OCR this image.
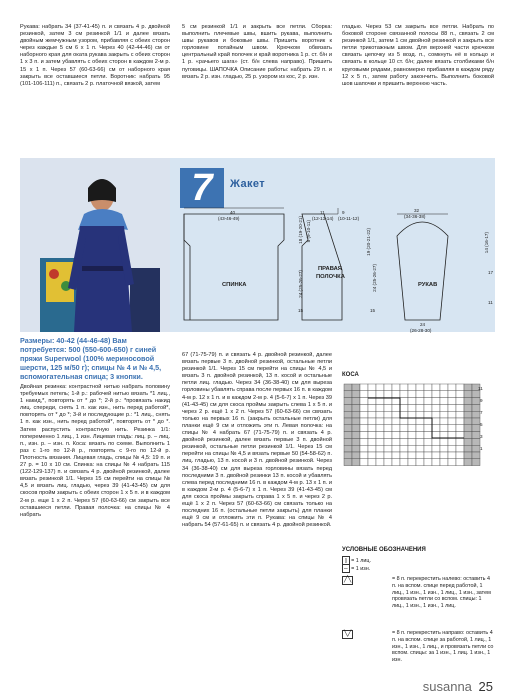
Рукава: набрать 34 (37-41-45) п. и связать 4 р. двойной резинкой, затем 3 см резинкой 1/1 и далее вязать двойным жемчужным узором, прибавляя с обеих сторон через каждые 5 см 6 x 1 п. Через 40 (42-44-46) см от наборного края для оката рукава закрыть с обеих сторон 1 x 3 п. и затем убавлять с обеих сторон в каждом 2-м р. 15 x 1 п. Через 57 (60-63-66) см от наборного края закрыть все оставшиеся петли. Воротник: набрать 95 (101-106-111) п., связать 2 р. платочной вязкой, затем
5 см резинкой 1/1 и закрыть все петли. Сборка: выполнить плечевые швы, вшить рукава, выполнить швы рукавов и боковые швы. Пришить воротник к горловине потайным швом. Крючком обвязать центральный край полочек и край воротника 1 р. ст. б/н и 1 р. «рачьего шага» (ст. б/н слева направо). Пришить пуговицы. ШАПОЧКА Описание работы: набрать 29 п. и вязать 2 р. изн. гладью, 25 р. узором из кос, 2 р. изн.
гладью. Через 53 см закрыть все петли. Набрать по боковой стороне связанной полосы 88 п., связать 2 см резинкой 1/1, затем 1 см двойной резинкой и закрыть все петли трикотажным швом. Для верхней части крючком связать цепочку из 5 возд. п., сомкнуть её в кольцо и связать в кольце 10 ст. б/н; далее вязать столбиками б/н круговыми рядами, равномерно прибавляя в каждом ряду 12 x 5 п., затем работу закончить. Выполнить боковой шов шапочки и пришить верхнюю часть.
7	Жакет
40
(43-46-49)
11
(12-13-14)
9
(10-11-12)
32
(34-36-38)
24
(26-28-30)
18 (19-20-21)
24 (25-26-27)
15
19 (20-21-22)
24 (25-26-27)
15
14 (16-17)
17
11
8 (9-10-11)
СПИНКА
ПРАВАЯ
ПОЛОЧКА
РУКАВ
Размеры: 40-42 (44-46-48) Вам потребуется: 500 (550-600-650) г синей пряжи Superwool (100% мериносовой шерсти, 125 м/50 г); спицы № 4 и № 4,5, вспомогательная спица; 3 кнопки.
Двойная резинка: контрастной нитью набрать половину требуемых петель; 1-й р.: рабочей нитью вязать *1 лиц., 1 накид,*, повторять от * до *; 2-й р.: *провязать накид лиц. спереди, снять 1 п. как изн., нить перед работой*, повторять от * до *; 3-й и последующие р.: *1 лиц., снять 1 п. как изн., нить перед работой*, повторять от * до *. Затем распустить контрастную нить. Резинка 1/1: попеременно 1 лиц., 1 изн. Лицевая гладь: лиц. р. – лиц. п., изн. р. – изн. п. Коса: вязать по схеме. Выполнить 1 раз с 1-го по 12-й р., повторять с 9-го по 12-й р. Плотность вязания. Лицевая гладь, спицы № 4,5: 19 п. и 27 р. = 10 x 10 см. Спинка: на спицы № 4 набрать 115 (122-129-137) п. и связать 4 р. двойной резинкой, далее вязать резинкой 1/1. Через 15 см перейти на спицы № 4,5 и вязать лиц. гладью, через 39 (41-43-45) см для скосов пройм закрыть с обеих сторон 1 x 5 п. и в каждом 2-м р. еще 1 x 2 п. Через 57 (60-63-66) см закрыть все оставшиеся петли. Правая полочка: на спицы № 4 набрать
67 (71-75-79) п. и связать 4 р. двойной резинкой, далее вязать первые 3 п. двойной резинкой, остальные петли резинкой 1/1. Через 15 см перейти на спицы № 4,5 и вязать 3 п. двойной резинкой, 13 п. косой и остальные петли лиц. гладью. Через 34 (36-38-40) см для выреза горловины убавлять справа после первых 16 п. в каждом 4-м р. 12 x 1 п. и в каждом 2-м р. 4 (5-6-7) x 1 п. Через 39 (41-43-45) см для скоса проймы закрыть слева 1 x 5 п. и через 2 р. ещё 1 x 2 п. Через 57 (60-63-66) см связать только на первых 16 п. (закрыть остальные петли) для планки ещё 9 см и отложить эти п. Левая полочка: на спицы № 4 набрать 67 (71-75-79) п. и связать 4 р. двойной резинкой, далее вязать первые 3 п. двойной резинкой, остальные петли резинкой 1/1. Через 15 см перейти на спицы № 4,5 и вязать первые 50 (54-58-62) п. лиц. гладью, 13 п. косой и 3 п. двойной резинкой. Через 34 (36-38-40) см для выреза горловины вязать перед последними 3 п. двойной резинки 13 п. косой и убавлять слева перед последними 16 п. в каждом 4-м р. 13 x 1 п. и в каждом 2-м р. 4 (5-6-7) x 1 п. Через 39 (41-43-45) см для скоса проймы закрыть справа 1 x 5 п. и через 2 р. ещё 1 x 2 п. Через 57 (60-63-66) см связать только на последних 16 п. (остальные петли закрыть) для планки ещё 9 см и отложить эти п. Рукава: на спицы № 4 набрать 54 (57-61-65) п. и связать 4 р. двойной резинкой.
КОСА
11
9
7
5
3
1
УСЛОВНЫЕ ОБОЗНАЧЕНИЯ
▯ = 1 лиц.
– = 1 изн.
╱╲	= 8 п. перекрестить налево: оставить 4 п. на вспом. спице перед работой, 1 лиц., 1 изн., 1 изн., 1 лиц., 1 изн., затем провязать петли со вспом. спицы: 1 лиц., 1 изн., 1 изн., 1 лиц.
╲╱	= 8 п. перекрестить направо: оставить 4 п. на вспом. спице за работой, 1 лиц., 1 изн., 1 изн., 1 лиц., и провязать петли со вспом. спицы: за 1 изн., 1 лиц. 1 изн., 1 изн.
susanna 25
